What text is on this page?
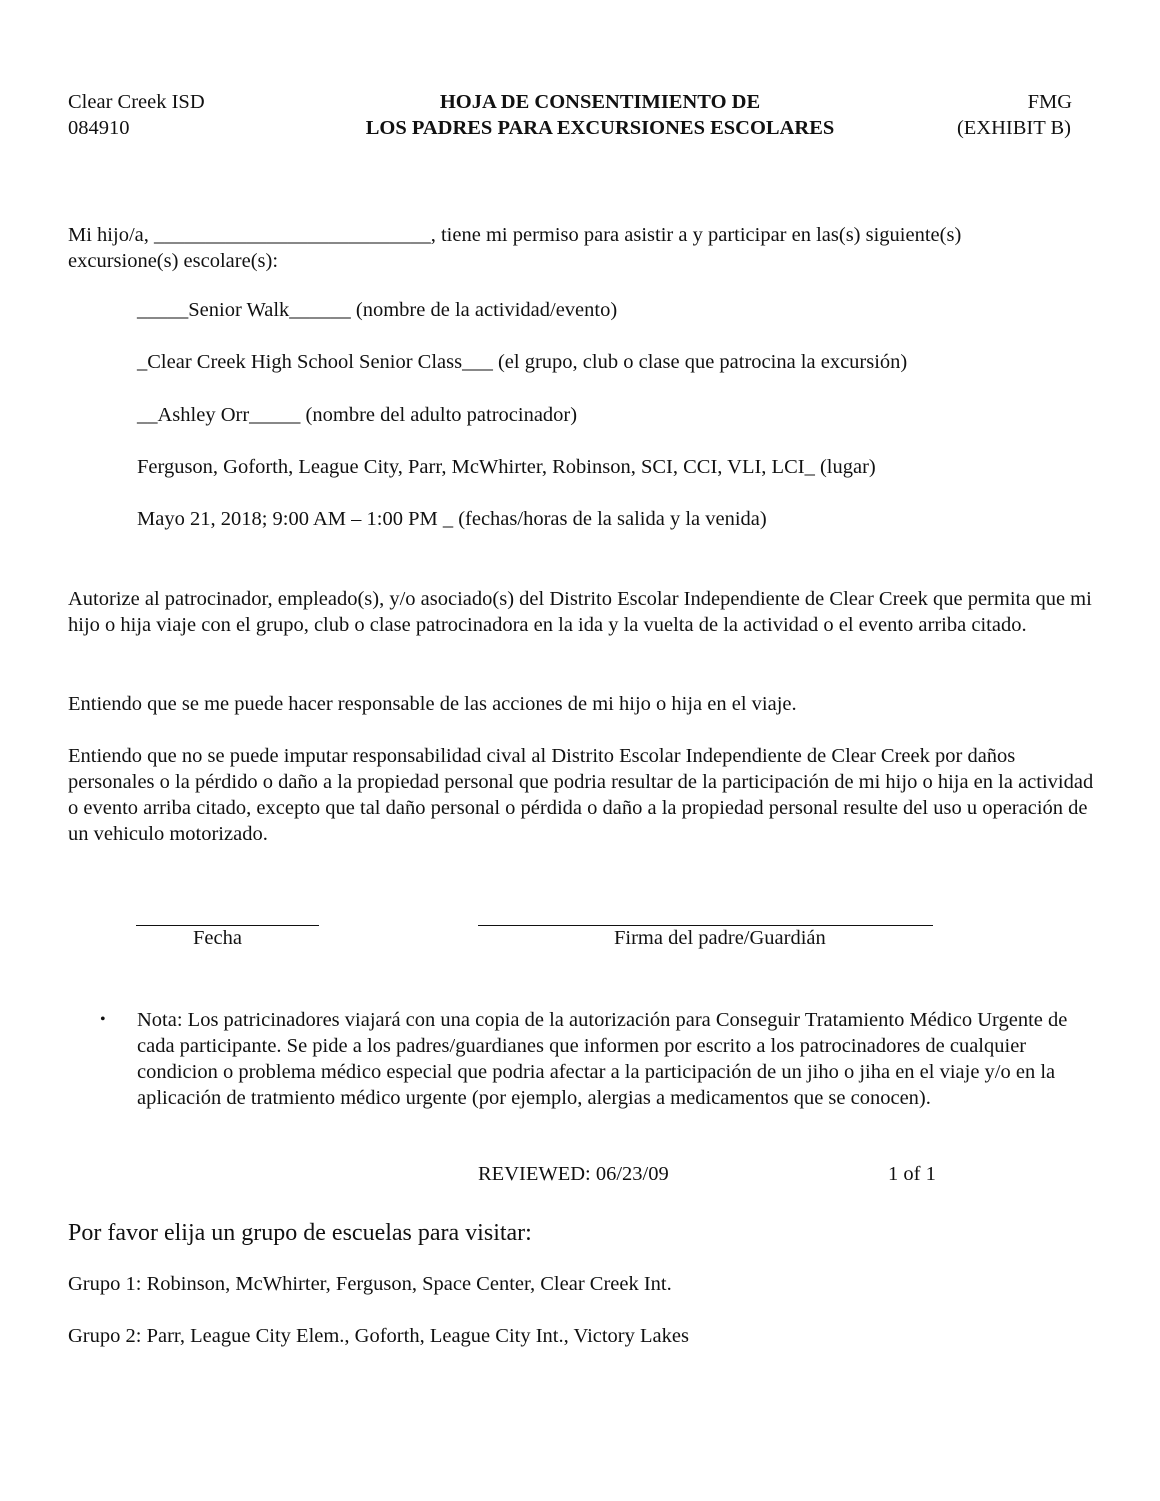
Clear Creek ISD
084910
HOJA DE CONSENTIMIENTO DE
LOS PADRES PARA EXCURSIONES ESCOLARES
FMG
(EXHIBIT B)
Mi hijo/a, ___________________________, tiene mi permiso para asistir a y participar en las(s) siguiente(s)
excursione(s) escolare(s):
_____Senior Walk______ (nombre de la actividad/evento)
_Clear Creek High School Senior Class___ (el grupo, club o clase que patrocina la excursión)
__Ashley Orr_____ (nombre del adulto patrocinador)
Ferguson, Goforth, League City, Parr, McWhirter, Robinson, SCI, CCI, VLI, LCI_ (lugar)
Mayo 21, 2018; 9:00 AM – 1:00 PM _ (fechas/horas de la salida y la venida)

Autorize al patrocinador, empleado(s), y/o asociado(s) del Distrito Escolar Independiente de Clear Creek que permita que mi hijo o hija viaje con el grupo, club o clase patrocinadora en la ida y la vuelta de la actividad o el evento arriba citado.

Entiendo que se me puede hacer responsable de las acciones de mi hijo o hija en el viaje.

Entiendo que no se puede imputar responsabilidad cival al Distrito Escolar Independiente de Clear Creek por daños personales o la pérdido o daño a la propiedad personal que podria resultar de la participación de mi hijo o hija en la actividad o evento arriba citado, excepto que tal daño personal o pérdida o daño a la propiedad personal resulte del uso u operación de un vehiculo motorizado.

Fecha	Firma del padre/Guardián
• Nota: Los patricinadores viajará con una copia de la autorización para Conseguir Tratamiento Médico Urgente de cada participante. Se pide a los padres/guardianes que informen por escrito a los patrocinadores de cualquier condicion o problema médico especial que podria afectar a la participación de un jiho o jiha en el viaje y/o en la aplicación de tratmiento médico urgente (por ejemplo, alergias a medicamentos que se conocen).

REVIEWED: 06/23/09	1 of 1
Por favor elija un grupo de escuelas para visitar:
Grupo 1: Robinson, McWhirter, Ferguson, Space Center, Clear Creek Int.
Grupo 2: Parr, League City Elem., Goforth, League City Int., Victory Lakes
